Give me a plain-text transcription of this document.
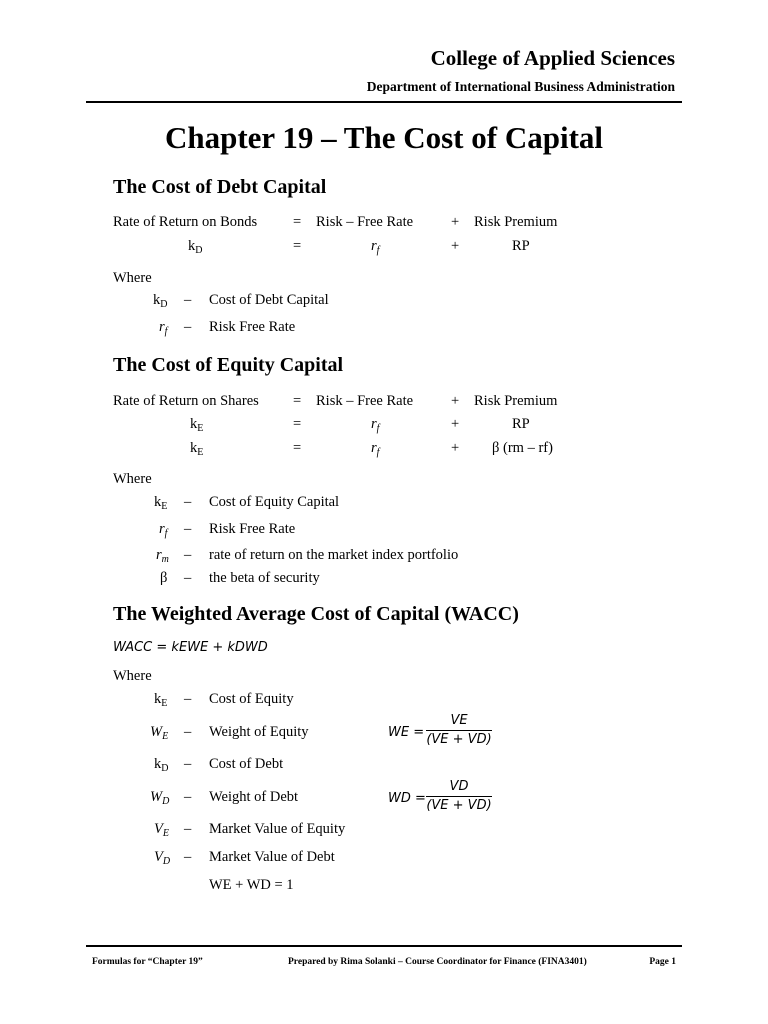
College of Applied Sciences
Department of International Business Administration
Chapter 19 – The Cost of Capital
The Cost of Debt Capital
Rate of Return on Bonds = Risk – Free Rate	+ Risk Premium
$k_D$	=	$r_f$	+	RP
Where
$k_D$ – Cost of Debt Capital
$r_f$ – Risk Free Rate
The Cost of Equity Capital
Rate of Return on Shares = Risk – Free Rate	+ Risk Premium
$k_E$	=	$r_f$	+	RP
$k_E$	=	$r_f$	+ β (rm – rf)
Where
$k_E$ – Cost of Equity Capital
$r_f$ – Risk Free Rate
$r_m$ – rate of return on the market index portfolio
β – the beta of security
The Weighted Average Cost of Capital (WACC)
WACC = kEWE + kDWD
Where
$k_E$ – Cost of Equity
$W_E$ – Weight of Equity
$k_D$ – Cost of Debt
$W_D$ – Weight of Debt
$V_E$ – Market Value of Equity
$V_D$ – Market Value of Debt
WE =
VE
(VE + VD)
WD =
VD
(VE + VD)
WE + WD = 1
Formulas for “Chapter 19”	Prepared by Rima Solanki – Course Coordinator for Finance (FINA3401)	Page 1
